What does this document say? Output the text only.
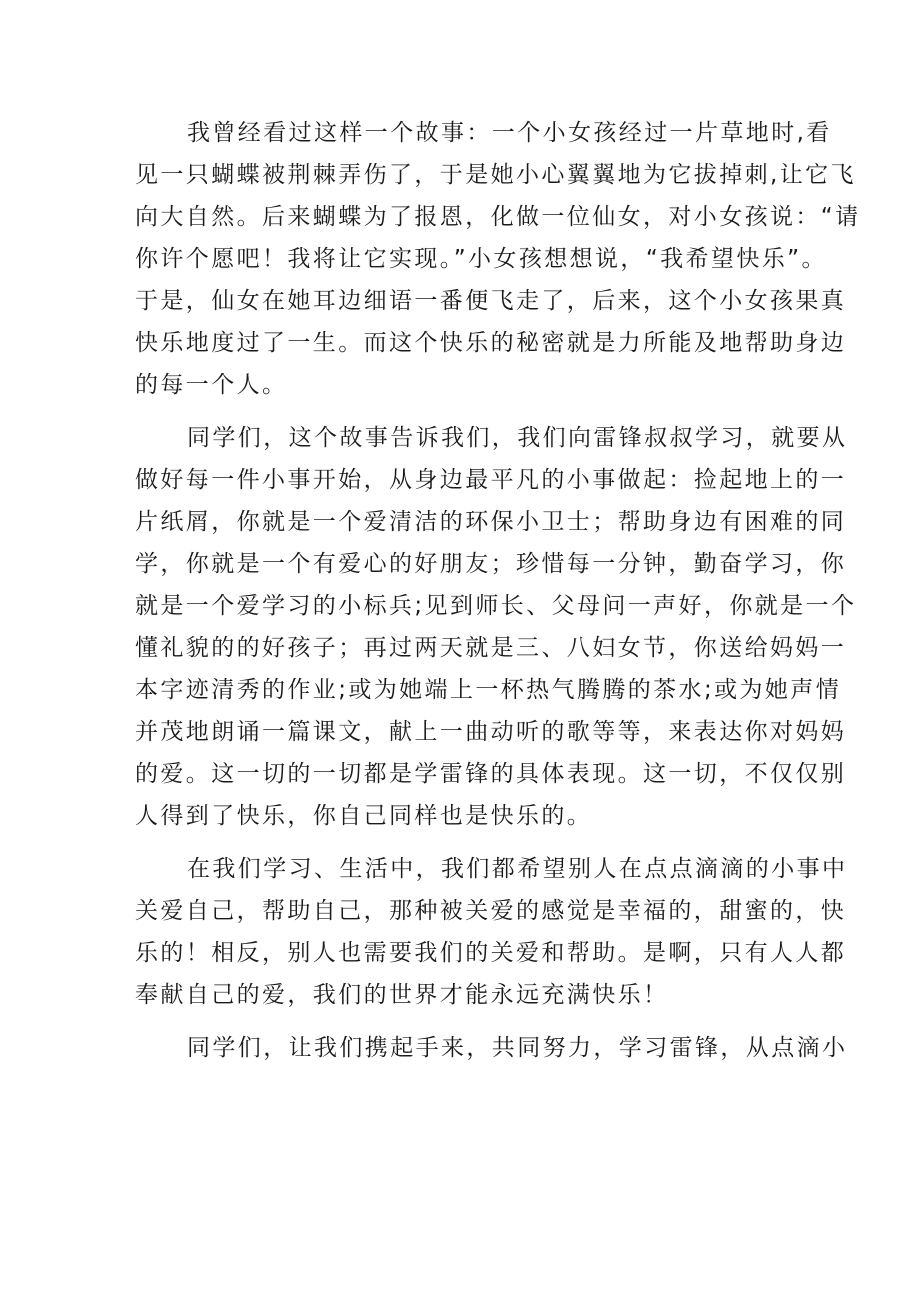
我曾经看过这样一个故事：一个小女孩经过一片草地时,看
见一只蝴蝶被荆棘弄伤了，于是她小心翼翼地为它拔掉刺,让它飞
向大自然。后来蝴蝶为了报恩，化做一位仙女，对小女孩说：“请
你许个愿吧！我将让它实现。”小女孩想想说，“我希望快乐”。
于是，仙女在她耳边细语一番便飞走了，后来，这个小女孩果真
快乐地度过了一生。而这个快乐的秘密就是力所能及地帮助身边
的每一个人。
同学们，这个故事告诉我们，我们向雷锋叔叔学习，就要从
做好每一件小事开始，从身边最平凡的小事做起：捡起地上的一
片纸屑，你就是一个爱清洁的环保小卫士；帮助身边有困难的同
学，你就是一个有爱心的好朋友；珍惜每一分钟，勤奋学习，你
就是一个爱学习的小标兵;见到师长、父母问一声好，你就是一个
懂礼貌的的好孩子；再过两天就是三、八妇女节，你送给妈妈一
本字迹清秀的作业;或为她端上一杯热气腾腾的茶水;或为她声情
并茂地朗诵一篇课文，献上一曲动听的歌等等，来表达你对妈妈
的爱。这一切的一切都是学雷锋的具体表现。这一切，不仅仅别
人得到了快乐，你自己同样也是快乐的。
在我们学习、生活中，我们都希望别人在点点滴滴的小事中
关爱自己，帮助自己，那种被关爱的感觉是幸福的，甜蜜的，快
乐的！相反，别人也需要我们的关爱和帮助。是啊，只有人人都
奉献自己的爱，我们的世界才能永远充满快乐！
同学们，让我们携起手来，共同努力，学习雷锋，从点滴小
